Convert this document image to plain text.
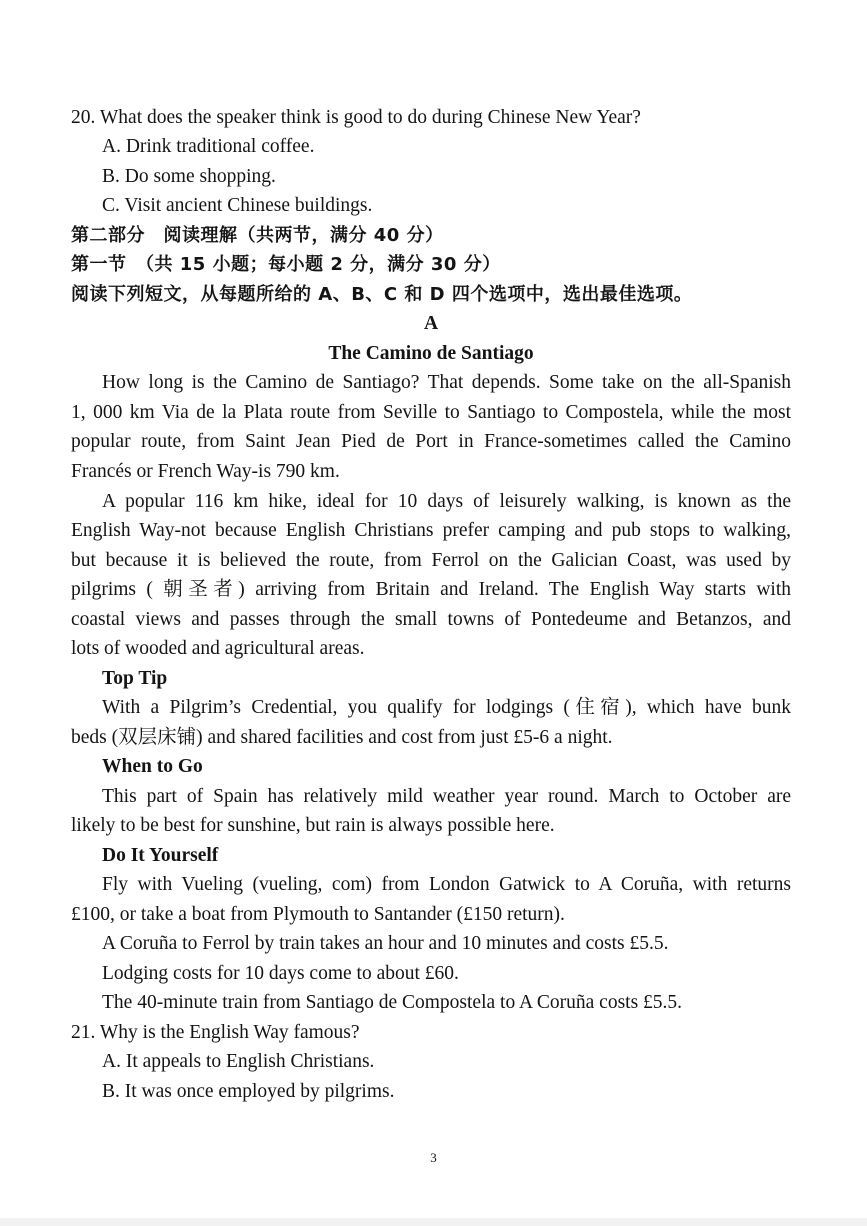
20. What does the speaker think is good to do during Chinese New Year?
A. Drink traditional coffee.
B. Do some shopping.
C. Visit ancient Chinese buildings.
第二部分　阅读理解（共两节，满分 40 分）
第一节　（共 15 小题；每小题 2 分，满分 30 分）
阅读下列短文，从每题所给的 A、B、C 和 D 四个选项中，选出最佳选项。
A
The Camino de Santiago
How long is the Camino de Santiago? That depends. Some take on the all-Spanish
1, 000 km Via de la Plata route from Seville to Santiago to Compostela, while the most
popular route, from Saint Jean Pied de Port in France-sometimes called the Camino
Francés or French Way-is 790 km.
A popular 116 km hike, ideal for 10 days of leisurely walking, is known as the
English Way-not because English Christians prefer camping and pub stops to walking,
but because it is believed the route, from Ferrol on the Galician Coast, was used by
pilgrims ( 朝圣者) arriving from Britain and Ireland. The English Way starts with
coastal views and passes through the small towns of Pontedeume and Betanzos, and
lots of wooded and agricultural areas.
Top Tip
With a Pilgrim’s Credential, you qualify for lodgings (住宿), which have bunk
beds (双层床铺) and shared facilities and cost from just £5-6 a night.
When to Go
This part of Spain has relatively mild weather year round. March to October are
likely to be best for sunshine, but rain is always possible here.
Do It Yourself
Fly with Vueling (vueling, com) from London Gatwick to A Coruña, with returns
£100, or take a boat from Plymouth to Santander (£150 return).
A Coruña to Ferrol by train takes an hour and 10 minutes and costs £5.5.
Lodging costs for 10 days come to about £60.
The 40-minute train from Santiago de Compostela to A Coruña costs £5.5.
21. Why is the English Way famous?
A. It appeals to English Christians.
B. It was once employed by pilgrims.
3
